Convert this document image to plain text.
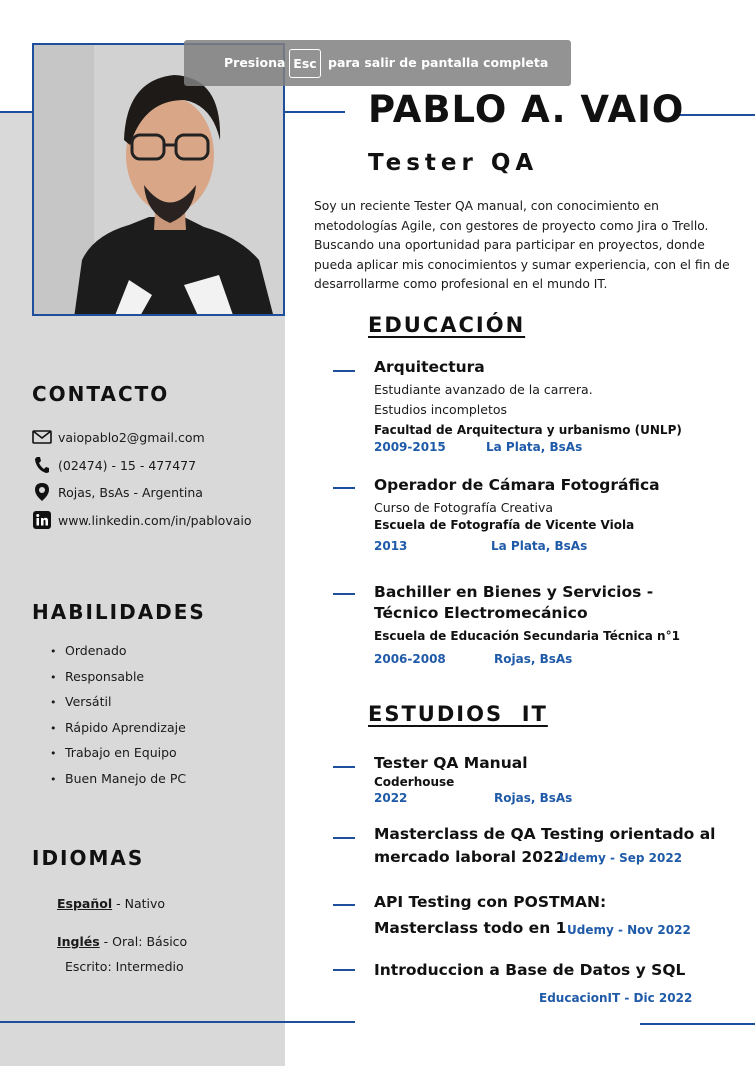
PABLO A. VAIO
Tester QA
Soy un reciente Tester QA manual, con conocimiento en metodologías Agile, con gestores de proyecto como Jira o Trello. Buscando una oportunidad para participar en proyectos, donde pueda aplicar mis conocimientos y sumar experiencia, con el fin de desarrollarme como profesional en el mundo IT.
CONTACTO
vaiopablo2@gmail.com
(02474) - 15 - 477477
Rojas, BsAs - Argentina
www.linkedin.com/in/pablovaio
HABILIDADES
• Ordenado
• Responsable
• Versátil
• Rápido Aprendizaje
• Trabajo en Equipo
• Buen Manejo de PC
IDIOMAS
Español - Nativo
Inglés - Oral: Básico
Escrito: Intermedio
EDUCACIÓN
Arquitectura
Estudiante avanzado de la carrera.
Estudios incompletos
Facultad de Arquitectura y urbanismo (UNLP)
2009-2015	La Plata, BsAs
Operador de Cámara Fotográfica
Curso de Fotografía Creativa
Escuela de Fotografía de Vicente Viola
2013	La Plata, BsAs
Bachiller en Bienes y Servicios -
Técnico Electromecánico
Escuela de Educación Secundaria Técnica n°1
2006-2008	Rojas, BsAs
ESTUDIOS  IT
Tester QA Manual
Coderhouse
2022	Rojas, BsAs
Masterclass de QA Testing orientado al
mercado laboral 2022
Udemy - Sep 2022
API Testing con POSTMAN:
Masterclass todo en 1 Udemy - Nov 2022
Introduccion a Base de Datos y SQL
EducacionIT - Dic 2022
Presiona Esc para salir de pantalla completa
